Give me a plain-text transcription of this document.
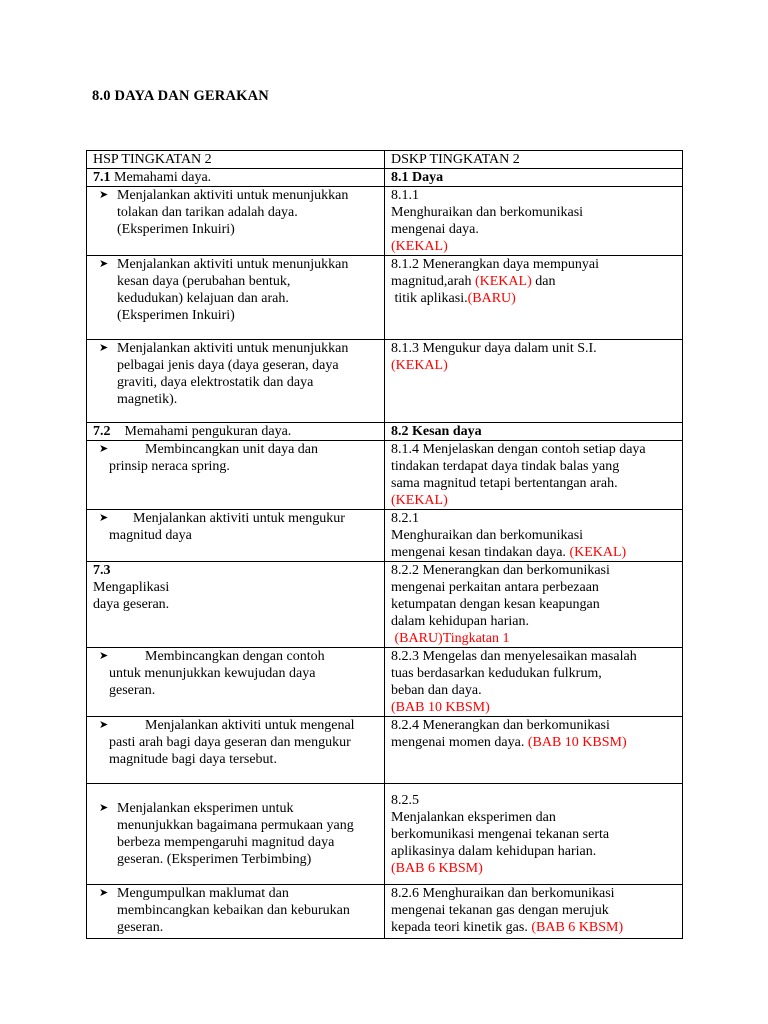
8.0 DAYA DAN GERAKAN
HSP TINGKATAN 2	DSKP TINGKATAN 2
7.1 Memahami daya.	8.1 Daya

➤ Menjalankan aktiviti untuk menunjukkan
tolakan dan tarikan adalah daya.
(Eksperimen Inkuiri)	8.1.1
Menghuraikan dan berkomunikasi
mengenai daya.
(KEKAL)

➤ Menjalankan aktiviti untuk menunjukkan
kesan daya (perubahan bentuk,
kedudukan) kelajuan dan arah.
(Eksperimen Inkuiri)	8.1.2 Menerangkan daya mempunyai
magnitud,arah (KEKAL) dan
titik aplikasi.(BARU)

➤ Menjalankan aktiviti untuk menunjukkan
pelbagai jenis daya (daya geseran, daya
graviti, daya elektrostatik dan daya
magnetik).	8.1.3 Mengukur daya dalam unit S.I.
(KEKAL)

7.2 Memahami pengukuran daya.	8.2 Kesan daya

➤ Membincangkan unit daya dan
prinsip neraca spring.	8.1.4 Menjelaskan dengan contoh setiap daya
tindakan terdapat daya tindak balas yang
sama magnitud tetapi bertentangan arah.
(KEKAL)

➤ Menjalankan aktiviti untuk mengukur
magnitud daya	8.2.1
Menghuraikan dan berkomunikasi
mengenai kesan tindakan daya. (KEKAL)

7.3
Mengaplikasi
daya geseran.	8.2.2 Menerangkan dan berkomunikasi
mengenai perkaitan antara perbezaan
ketumpatan dengan kesan keapungan
dalam kehidupan harian.
(BARU)Tingkatan 1

➤ Membincangkan dengan contoh
untuk menunjukkan kewujudan daya
geseran.	8.2.3 Mengelas dan menyelesaikan masalah
tuas berdasarkan kedudukan fulkrum,
beban dan daya.
(BAB 10 KBSM)

➤ Menjalankan aktiviti untuk mengenal
pasti arah bagi daya geseran dan mengukur
magnitude bagi daya tersebut.	8.2.4 Menerangkan dan berkomunikasi
mengenai momen daya. (BAB 10 KBSM)

➤ Menjalankan eksperimen untuk
menunjukkan bagaimana permukaan yang
berbeza mempengaruhi magnitud daya
geseran. (Eksperimen Terbimbing)	8.2.5
Menjalankan eksperimen dan
berkomunikasi mengenai tekanan serta
aplikasinya dalam kehidupan harian.
(BAB 6 KBSM)

➤ Mengumpulkan maklumat dan
membincangkan kebaikan dan keburukan
geseran.	8.2.6 Menghuraikan dan berkomunikasi
mengenai tekanan gas dengan merujuk
kepada teori kinetik gas. (BAB 6 KBSM)
